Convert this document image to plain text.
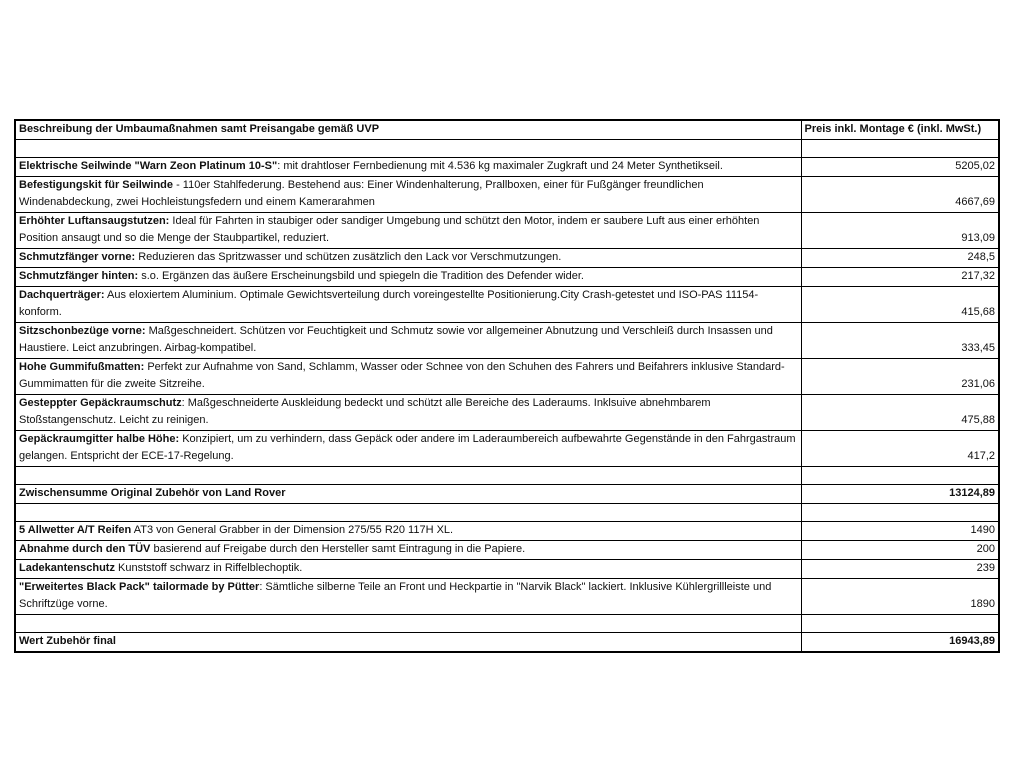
Beschreibung der Umbaumaßnahmen samt Preisangabe gemäß UVP	Preis inkl. Montage € (inkl. MwSt.)

Elektrische Seilwinde "Warn Zeon Platinum 10-S": mit drahtloser Fernbedienung mit 4.536 kg maximaler Zugkraft und 24 Meter Synthetikseil.	5205,02
Befestigungskit für Seilwinde - 110er Stahlfederung. Bestehend aus: Einer Windenhalterung, Prallboxen, einer für Fußgänger freundlichen Windenabdeckung, zwei Hochleistungsfedern und einem Kamerarahmen	4667,69
Erhöhter Luftansaugstutzen: Ideal für Fahrten in staubiger oder sandiger Umgebung und schützt den Motor, indem er saubere Luft aus einer erhöhten Position ansaugt und so die Menge der Staubpartikel, reduziert.	913,09
Schmutzfänger vorne: Reduzieren das Spritzwasser und schützen zusätzlich den Lack vor Verschmutzungen.	248,5
Schmutzfänger hinten: s.o. Ergänzen das äußere Erscheinungsbild und spiegeln die Tradition des Defender wider.	217,32
Dachquerträger: Aus eloxiertem Aluminium. Optimale Gewichtsverteilung durch voreingestellte Positionierung.City Crash-getestet und ISO-PAS 11154-konform.	415,68
Sitzschonbezüge vorne: Maßgeschneidert. Schützen vor Feuchtigkeit und Schmutz sowie vor allgemeiner Abnutzung und Verschleiß durch Insassen und Haustiere. Leict anzubringen. Airbag-kompatibel.	333,45
Hohe Gummifußmatten: Perfekt zur Aufnahme von Sand, Schlamm, Wasser oder Schnee von den Schuhen des Fahrers und Beifahrers inklusive Standard-Gummimatten für die zweite Sitzreihe.	231,06
Gesteppter Gepäckraumschutz: Maßgeschneiderte Auskleidung bedeckt und schützt alle Bereiche des Laderaums. Inklsuive abnehmbarem Stoßstangenschutz. Leicht zu reinigen.	475,88
Gepäckraumgitter halbe Höhe: Konzipiert, um zu verhindern, dass Gepäck oder andere im Laderaumbereich aufbewahrte Gegenstände in den Fahrgastraum gelangen. Entspricht der ECE-17-Regelung.	417,2

Zwischensumme Original Zubehör von Land Rover	13124,89

5 Allwetter A/T Reifen AT3 von General Grabber in der Dimension 275/55 R20 117H XL.	1490
Abnahme durch den TÜV basierend auf Freigabe durch den Hersteller samt Eintragung in die Papiere.	200
Ladekantenschutz Kunststoff schwarz in Riffelblechoptik.	239
"Erweitertes Black Pack" tailormade by Pütter: Sämtliche silberne Teile an Front und Heckpartie in "Narvik Black" lackiert. Inklusive Kühlergrillleiste und Schriftzüge vorne.	1890

Wert Zubehör final	16943,89
